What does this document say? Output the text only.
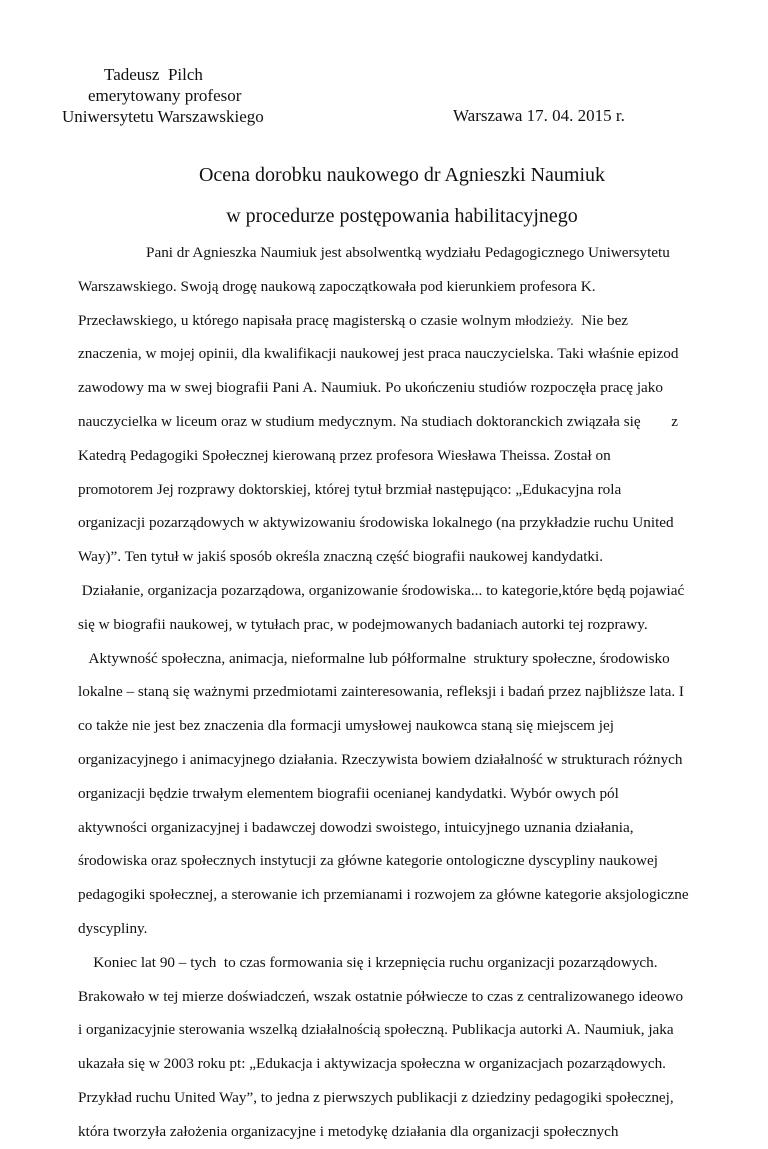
Tadeusz  Pilch
emerytowany profesor
Uniwersytetu Warszawskiego	Warszawa 17. 04. 2015 r.
Ocena dorobku naukowego dr Agnieszki Naumiuk
w procedurze postępowania habilitacyjnego
Pani dr Agnieszka Naumiuk jest absolwentką wydziału Pedagogicznego Uniwersytetu
Warszawskiego. Swoją drogę naukową zapoczątkowała pod kierunkiem profesora K.
Przecławskiego, u którego napisała pracę magisterską o czasie wolnym młodzieży.  Nie bez
znaczenia, w mojej opinii, dla kwalifikacji naukowej jest praca nauczycielska. Taki właśnie epizod
zawodowy ma w swej biografii Pani A. Naumiuk. Po ukończeniu studiów rozpoczęła pracę jako
nauczycielka w liceum oraz w studium medycznym. Na studiach doktoranckich związała się z
Katedrą Pedagogiki Społecznej kierowaną przez profesora Wiesława Theissa. Został on
promotorem Jej rozprawy doktorskiej, której tytuł brzmiał następująco: „Edukacyjna rola
organizacji pozarządowych w aktywizowaniu środowiska lokalnego (na przykładzie ruchu United
Way)”. Ten tytuł w jakiś sposób określa znaczną część biografii naukowej kandydatki.
Działanie, organizacja pozarządowa, organizowanie środowiska... to kategorie,które będą pojawiać
się w biografii naukowej, w tytułach prac, w podejmowanych badaniach autorki tej rozprawy.
Aktywność społeczna, animacja, nieformalne lub półformalne  struktury społeczne, środowisko
lokalne – staną się ważnymi przedmiotami zainteresowania, refleksji i badań przez najbliższe lata. I
co także nie jest bez znaczenia dla formacji umysłowej naukowca staną się miejscem jej
organizacyjnego i animacyjnego działania. Rzeczywista bowiem działalność w strukturach różnych
organizacji będzie trwałym elementem biografii ocenianej kandydatki. Wybór owych pól
aktywności organizacyjnej i badawczej dowodzi swoistego, intuicyjnego uznania działania,
środowiska oraz społecznych instytucji za główne kategorie ontologiczne dyscypliny naukowej
pedagogiki społecznej, a sterowanie ich przemianami i rozwojem za główne kategorie aksjologiczne
dyscypliny.
Koniec lat 90 – tych  to czas formowania się i krzepnięcia ruchu organizacji pozarządowych.
Brakowało w tej mierze doświadczeń, wszak ostatnie półwiecze to czas z centralizowanego ideowo
i organizacyjnie sterowania wszelką działalnością społeczną. Publikacja autorki A. Naumiuk, jaka
ukazała się w 2003 roku pt: „Edukacja i aktywizacja społeczna w organizacjach pozarządowych.
Przykład ruchu United Way”, to jedna z pierwszych publikacji z dziedziny pedagogiki społecznej,
która tworzyła założenia organizacyjne i metodykę działania dla organizacji społecznych
